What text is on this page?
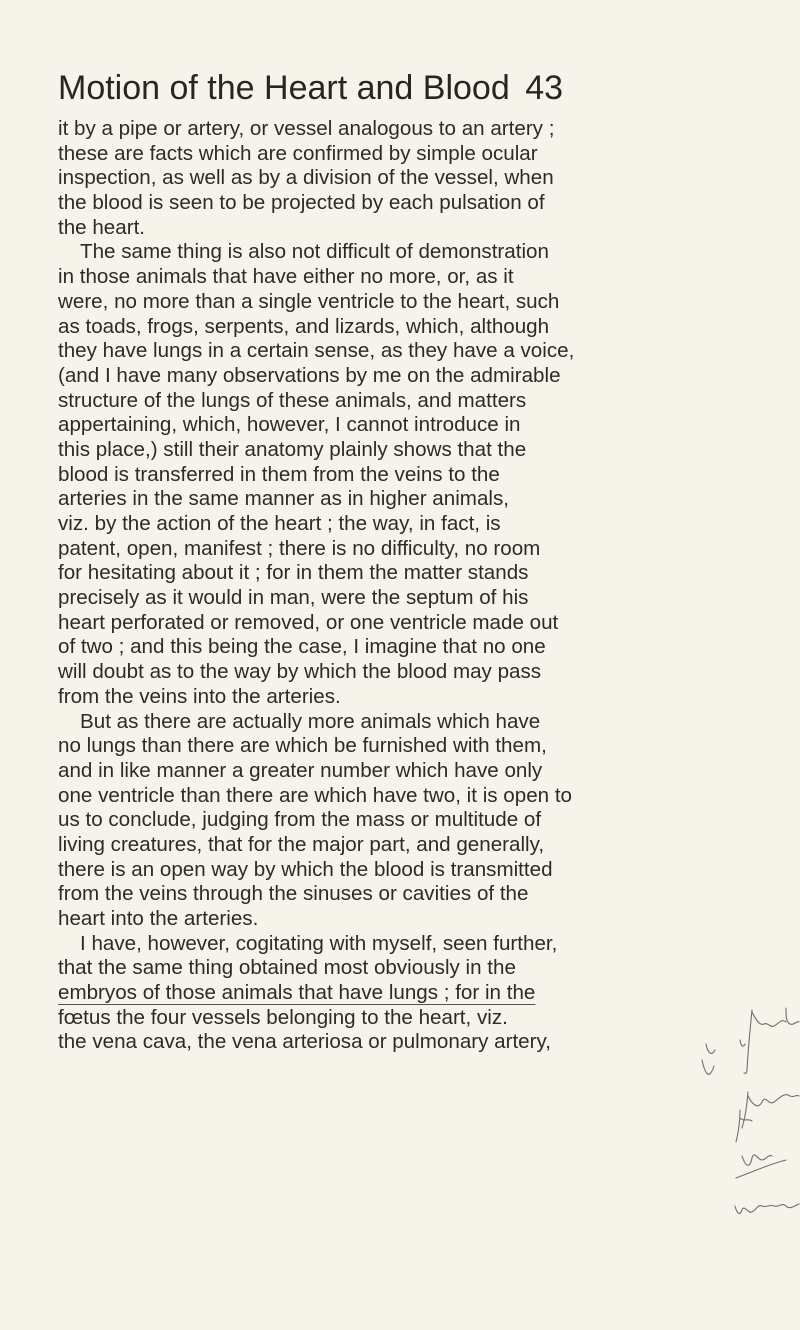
Motion of the Heart and Blood 43
it by a pipe or artery, or vessel analogous to an artery ;
these are facts which are confirmed by simple ocular
inspection, as well as by a division of the vessel, when
the blood is seen to be projected by each pulsation of
the heart.
The same thing is also not difficult of demonstration
in those animals that have either no more, or, as it
were, no more than a single ventricle to the heart, such
as toads, frogs, serpents, and lizards, which, although
they have lungs in a certain sense, as they have a voice,
(and I have many observations by me on the admirable
structure of the lungs of these animals, and matters
appertaining, which, however, I cannot introduce in
this place,) still their anatomy plainly shows that the
blood is transferred in them from the veins to the
arteries in the same manner as in higher animals,
viz. by the action of the heart ; the way, in fact, is
patent, open, manifest ; there is no difficulty, no room
for hesitating about it ; for in them the matter stands
precisely as it would in man, were the septum of his
heart perforated or removed, or one ventricle made out
of two ; and this being the case, I imagine that no one
will doubt as to the way by which the blood may pass
from the veins into the arteries.
But as there are actually more animals which have
no lungs than there are which be furnished with them,
and in like manner a greater number which have only
one ventricle than there are which have two, it is open to
us to conclude, judging from the mass or multitude of
living creatures, that for the major part, and generally,
there is an open way by which the blood is transmitted
from the veins through the sinuses or cavities of the
heart into the arteries.
I have, however, cogitating with myself, seen further,
that the same thing obtained most obviously in the
embryos of those animals that have lungs ; for in the
fœtus the four vessels belonging to the heart, viz.
the vena cava, the vena arteriosa or pulmonary artery,
